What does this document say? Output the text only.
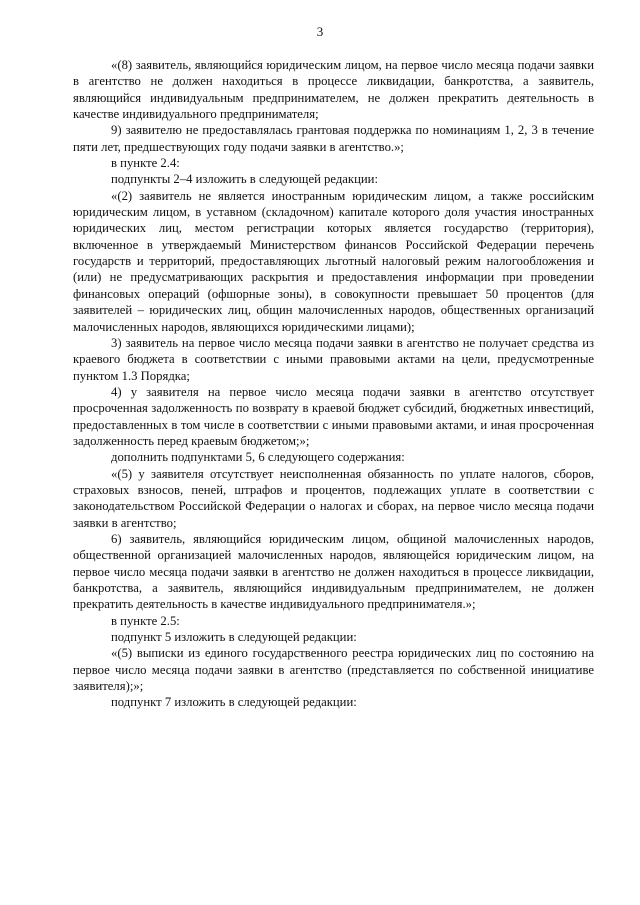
3

«(8) заявитель, являющийся юридическим лицом, на первое число месяца подачи заявки в агентство не должен находиться в процессе ликвидации, банкротства, а заявитель, являющийся индивидуальным предпринимателем, не должен прекратить деятельность в качестве индивидуального предпринимателя;

9) заявителю не предоставлялась грантовая поддержка по номинациям 1, 2, 3 в течение пяти лет, предшествующих году подачи заявки в агентство.»;

в пункте 2.4:

подпункты 2–4 изложить в следующей редакции:

«(2) заявитель не является иностранным юридическим лицом, а также российским юридическим лицом, в уставном (складочном) капитале которого доля участия иностранных юридических лиц, местом регистрации которых является государство (территория), включенное в утверждаемый Министерством финансов Российской Федерации перечень государств и территорий, предоставляющих льготный налоговый режим налогообложения и (или) не предусматривающих раскрытия и предоставления информации при проведении финансовых операций (офшорные зоны), в совокупности превышает 50 процентов (для заявителей – юридических лиц, общин малочисленных народов, общественных организаций малочисленных народов, являющихся юридическими лицами);

3) заявитель на первое число месяца подачи заявки в агентство не получает средства из краевого бюджета в соответствии с иными правовыми актами на цели, предусмотренные пунктом 1.3 Порядка;

4) у заявителя на первое число месяца подачи заявки в агентство отсутствует просроченная задолженность по возврату в краевой бюджет субсидий, бюджетных инвестиций, предоставленных в том числе в соответствии с иными правовыми актами, и иная просроченная задолженность перед краевым бюджетом;»;

дополнить подпунктами 5, 6 следующего содержания:

«(5) у заявителя отсутствует неисполненная обязанность по уплате налогов, сборов, страховых взносов, пеней, штрафов и процентов, подлежащих уплате в соответствии с законодательством Российской Федерации о налогах и сборах, на первое число месяца подачи заявки в агентство;

6) заявитель, являющийся юридическим лицом, общиной малочисленных народов, общественной организацией малочисленных народов, являющейся юридическим лицом, на первое число месяца подачи заявки в агентство не должен находиться в процессе ликвидации, банкротства, а заявитель, являющийся индивидуальным предпринимателем, не должен прекратить деятельность в качестве индивидуального предпринимателя.»;

в пункте 2.5:

подпункт 5 изложить в следующей редакции:

«(5) выписки из единого государственного реестра юридических лиц по состоянию на первое число месяца подачи заявки в агентство (представляется по собственной инициативе заявителя);»;

подпункт 7 изложить в следующей редакции:
